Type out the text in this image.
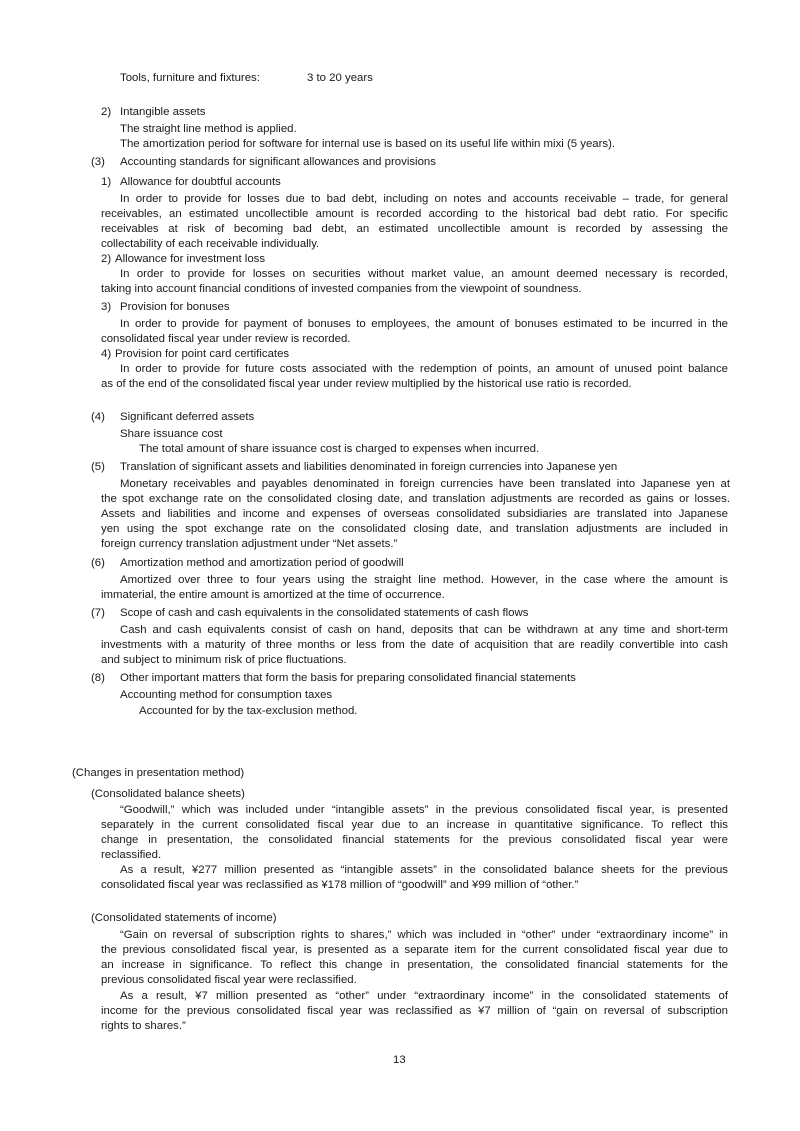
Tools, furniture and fixtures:	3 to 20 years
2) Intangible assets
The straight line method is applied.
The amortization period for software for internal use is based on its useful life within mixi (5 years).
(3) Accounting standards for significant allowances and provisions
1) Allowance for doubtful accounts
In order to provide for losses due to bad debt, including on notes and accounts receivable – trade, for general
receivables, an estimated uncollectible amount is recorded according to the historical bad debt ratio. For specific
receivables at risk of becoming bad debt, an estimated uncollectible amount is recorded by assessing the
collectability of each receivable individually.
2) Allowance for investment loss
In order to provide for losses on securities without market value, an amount deemed necessary is recorded,
taking into account financial conditions of invested companies from the viewpoint of soundness.
3) Provision for bonuses
In order to provide for payment of bonuses to employees, the amount of bonuses estimated to be incurred in the
consolidated fiscal year under review is recorded.
4) Provision for point card certificates
In order to provide for future costs associated with the redemption of points, an amount of unused point balance
as of the end of the consolidated fiscal year under review multiplied by the historical use ratio is recorded.
(4) Significant deferred assets
Share issuance cost
The total amount of share issuance cost is charged to expenses when incurred.
(5) Translation of significant assets and liabilities denominated in foreign currencies into Japanese yen
Monetary receivables and payables denominated in foreign currencies have been translated into Japanese yen at
the spot exchange rate on the consolidated closing date, and translation adjustments are recorded as gains or losses.
Assets and liabilities and income and expenses of overseas consolidated subsidiaries are translated into Japanese
yen using the spot exchange rate on the consolidated closing date, and translation adjustments are included in
foreign currency translation adjustment under “Net assets.”
(6) Amortization method and amortization period of goodwill
Amortized over three to four years using the straight line method. However, in the case where the amount is
immaterial, the entire amount is amortized at the time of occurrence.
(7) Scope of cash and cash equivalents in the consolidated statements of cash flows
Cash and cash equivalents consist of cash on hand, deposits that can be withdrawn at any time and short-term
investments with a maturity of three months or less from the date of acquisition that are readily convertible into cash
and subject to minimum risk of price fluctuations.
(8) Other important matters that form the basis for preparing consolidated financial statements
Accounting method for consumption taxes
Accounted for by the tax-exclusion method.
(Changes in presentation method)
(Consolidated balance sheets)
“Goodwill,” which was included under “intangible assets” in the previous consolidated fiscal year, is presented
separately in the current consolidated fiscal year due to an increase in quantitative significance. To reflect this
change in presentation, the consolidated financial statements for the previous consolidated fiscal year were
reclassified.
As a result, ¥277 million presented as “intangible assets” in the consolidated balance sheets for the previous
consolidated fiscal year was reclassified as ¥178 million of “goodwill” and ¥99 million of “other.”
(Consolidated statements of income)
“Gain on reversal of subscription rights to shares,” which was included in “other” under “extraordinary income” in
the previous consolidated fiscal year, is presented as a separate item for the current consolidated fiscal year due to
an increase in significance. To reflect this change in presentation, the consolidated financial statements for the
previous consolidated fiscal year were reclassified.
As a result, ¥7 million presented as “other” under “extraordinary income” in the consolidated statements of
income for the previous consolidated fiscal year was reclassified as ¥7 million of “gain on reversal of subscription
rights to shares.”
13
